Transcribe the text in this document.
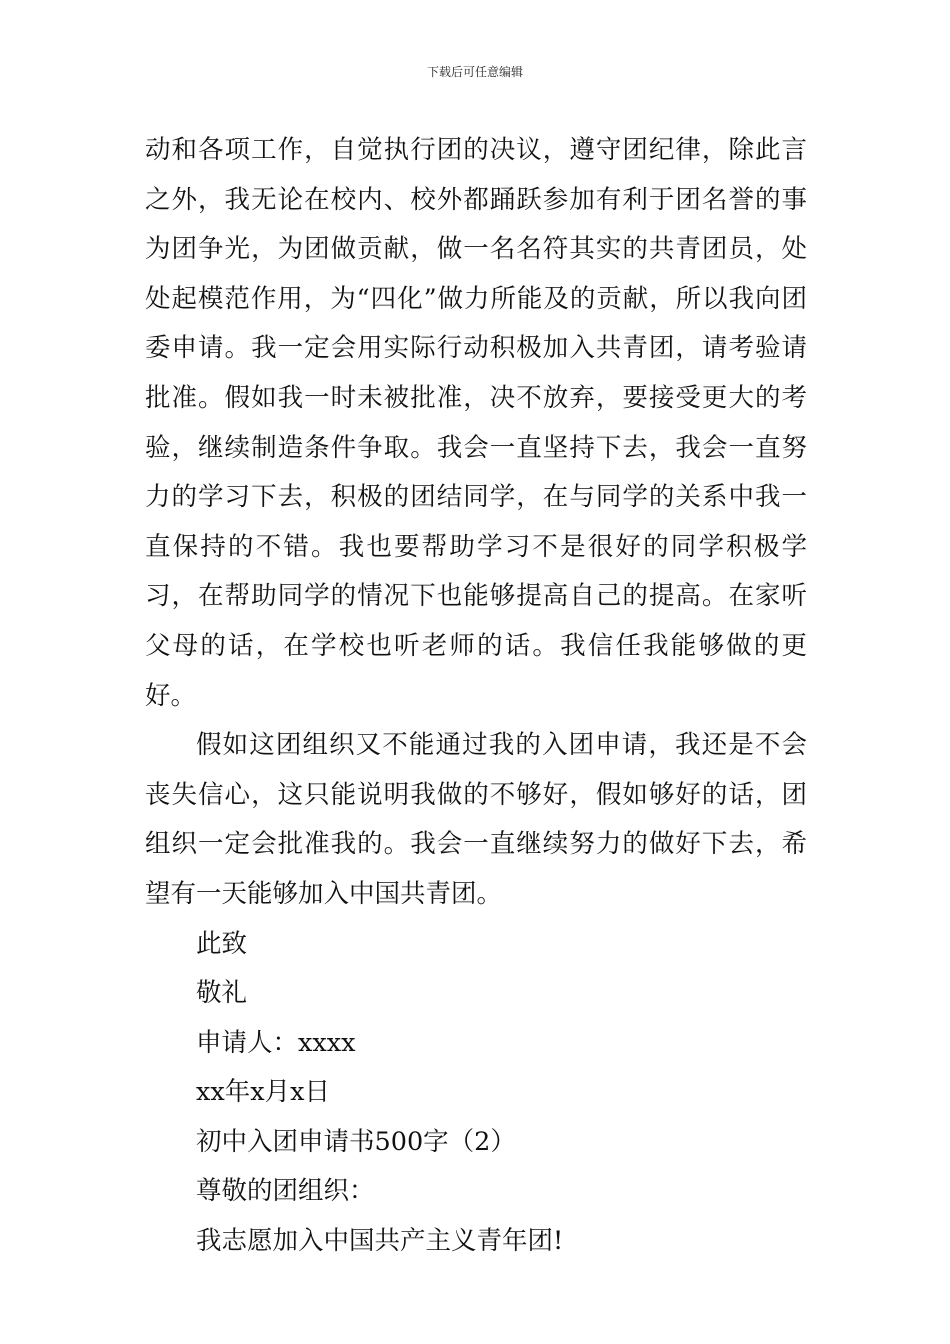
下载后可任意编辑

动和各项工作，自觉执行团的决议，遵守团纪律，除此言之外，我无论在校内、校外都踊跃参加有利于团名誉的事为团争光，为团做贡献，做一名名符其实的共青团员，处处起模范作用，为“四化”做力所能及的贡献，所以我向团委申请。我一定会用实际行动积极加入共青团，请考验请批准。假如我一时未被批准，决不放弃，要接受更大的考验，继续制造条件争取。我会一直坚持下去，我会一直努力的学习下去，积极的团结同学，在与同学的关系中我一直保持的不错。我也要帮助学习不是很好的同学积极学习，在帮助同学的情况下也能够提高自己的提高。在家听父母的话，在学校也听老师的话。我信任我能够做的更好。

假如这团组织又不能通过我的入团申请，我还是不会丧失信心，这只能说明我做的不够好，假如够好的话，团组织一定会批准我的。我会一直继续努力的做好下去，希望有一天能够加入中国共青团。

此致

敬礼

申请人：xxxx

xx年x月x日

初中入团申请书500字（2）

尊敬的团组织：

我志愿加入中国共产主义青年团!
